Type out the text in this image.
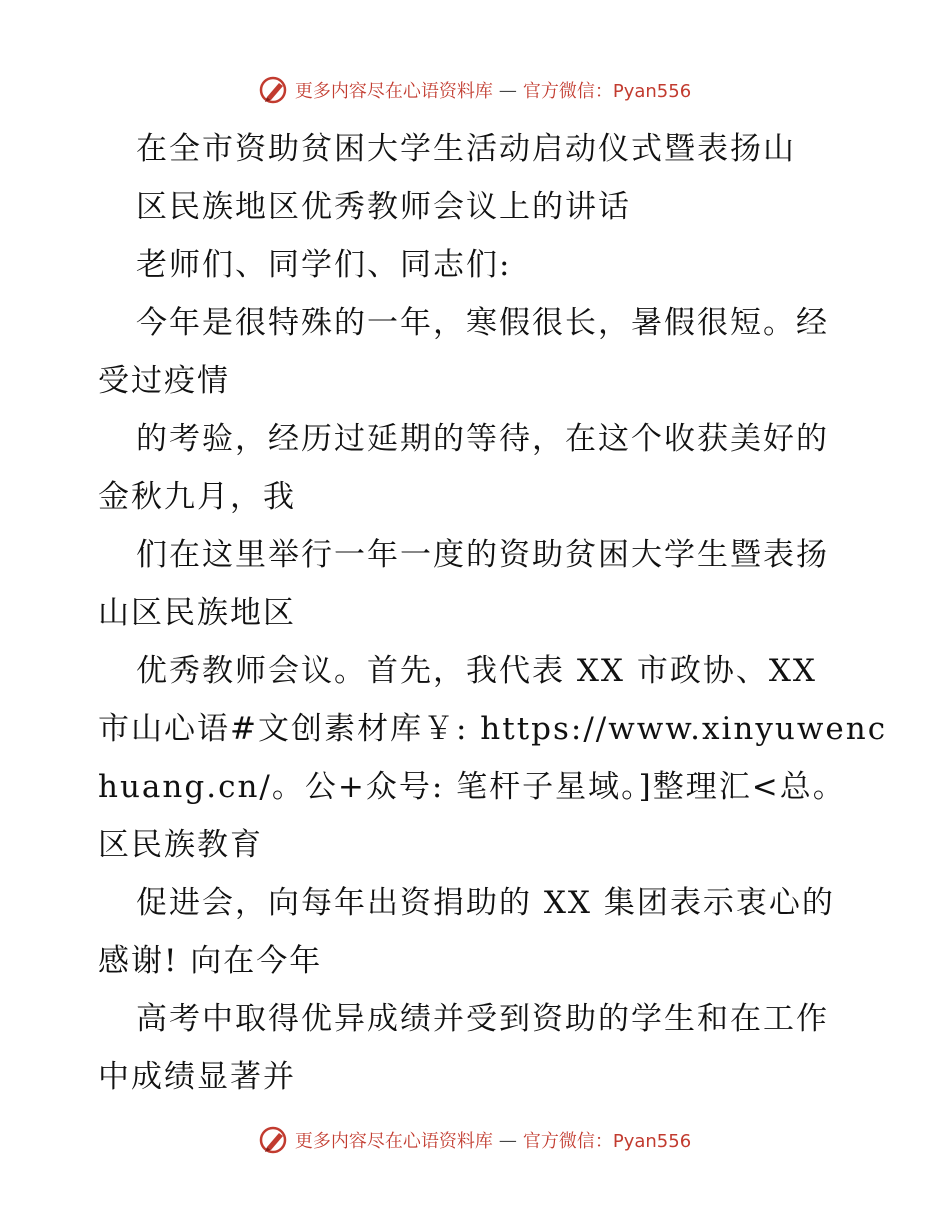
更多内容尽在心语资料库 — 官方微信：Pyan556
在全市资助贫困大学生活动启动仪式暨表扬山
区民族地区优秀教师会议上的讲话
老师们、同学们、同志们:
今年是很特殊的一年，寒假很长，暑假很短。经
受过疫情
的考验，经历过延期的等待，在这个收获美好的
金秋九月，我
们在这里举行一年一度的资助贫困大学生暨表扬
山区民族地区
优秀教师会议。首先，我代表 XX 市政协、XX
市山心语#文创素材库￥: https://www.xinyuwenc
huang.cn/。公+众号: 笔杆子星域。]整理汇<总。
区民族教育
促进会，向每年出资捐助的 XX 集团表示衷心的
感谢! 向在今年
高考中取得优异成绩并受到资助的学生和在工作
中成绩显著并
更多内容尽在心语资料库 — 官方微信：Pyan556
